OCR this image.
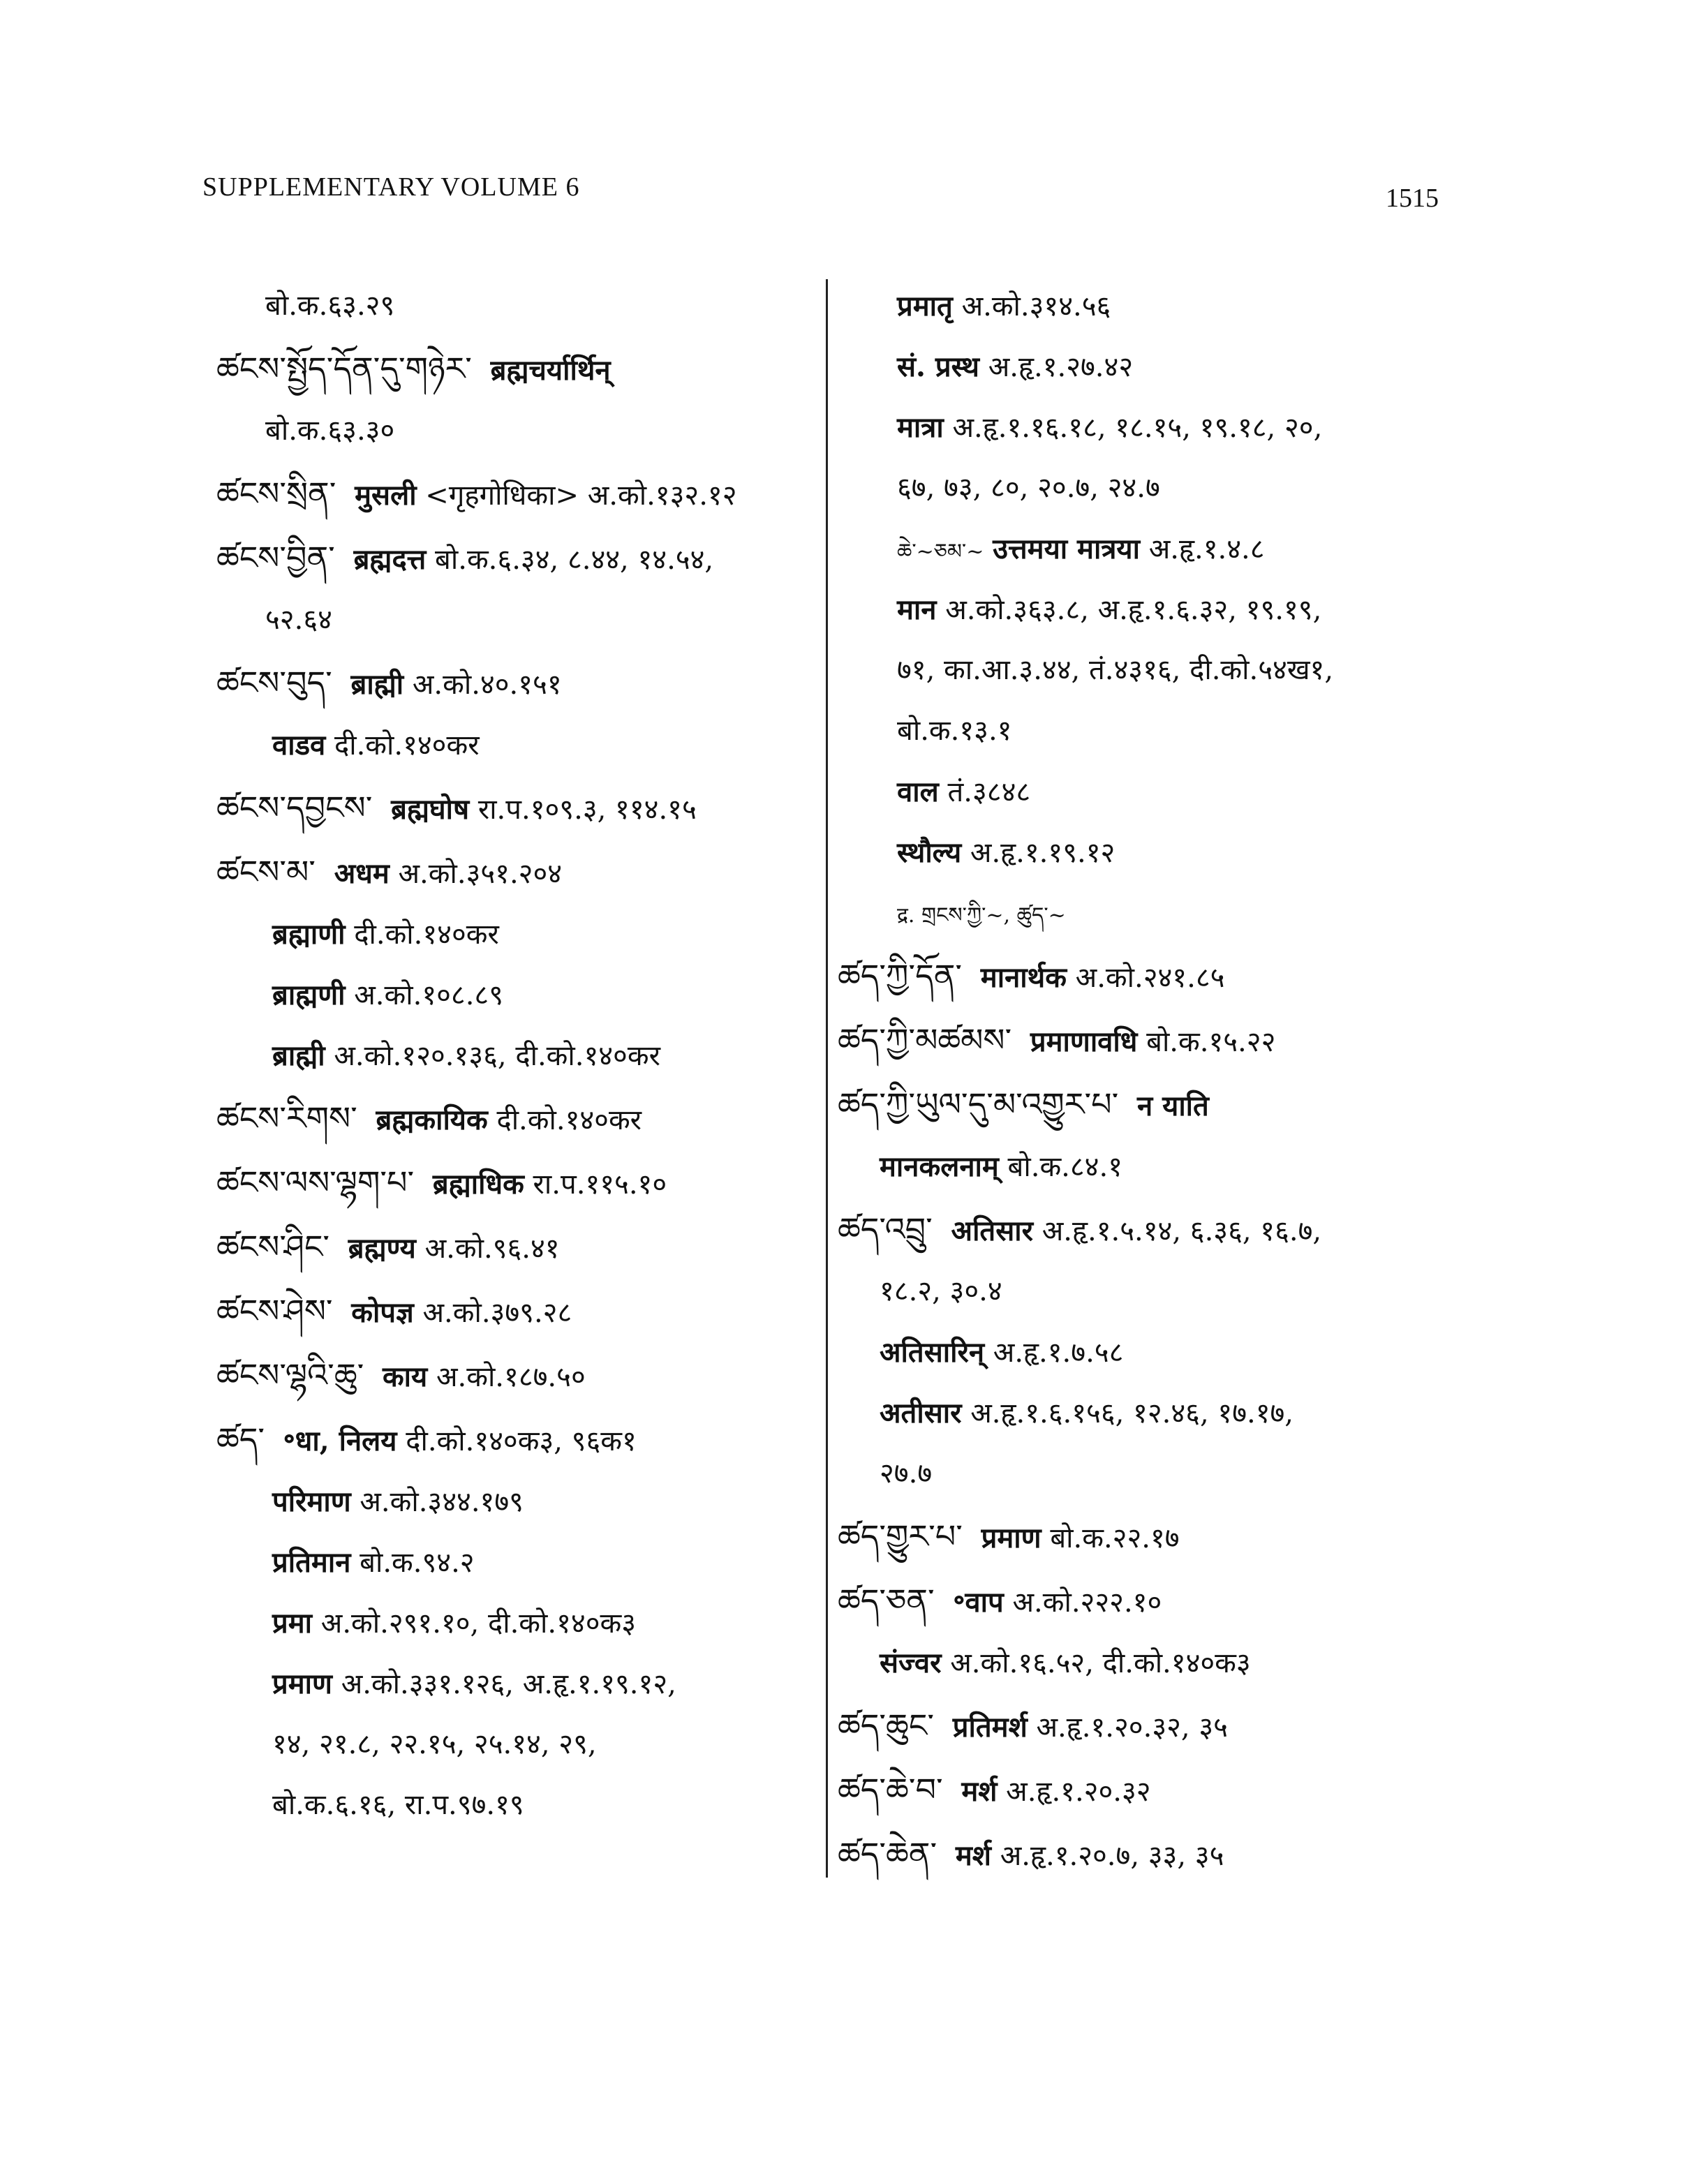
SUPPLEMENTARY VOLUME 6	1515
बो.क.६३.२९
ཚངས་སྤྱོད་དོན་དུ་གཉེར་ ब्रह्मचर्यार्थिन्
बो.क.६३.३०
ཚངས་སྲིན་ मुसली <गृहगोधिका> अ.को.१३२.१२
ཚངས་བྱིན་ ब्रह्मदत्त बो.क.६.३४, ८.४४, १४.५४,
५२.६४
ཚངས་བུད་ ब्राह्मी अ.को.४०.१५१
वाडव दी.को.१४०कर
ཚངས་དབྱངས་ ब्रह्मघोष रा.प.१०९.३, ११४.१५
ཚངས་མ་ अधम अ.को.३५१.२०४
ब्रह्माणी दी.को.१४०कर
ब्राह्मणी अ.को.१०८.८९
ब्राह्मी अ.को.१२०.१३६, दी.को.१४०कर
ཚངས་རིགས་ ब्रह्मकायिक दी.को.१४०कर
ཚངས་ལས་ལྷག་པ་ ब्रह्माधिक रा.प.११५.१०
ཚངས་ཤིང་ ब्रह्मण्य अ.को.९६.४१
ཚངས་ཤེས་ कोपज्ञ अ.को.३७९.२८
ཚངས་ལྷའི་ཆུ་ काय अ.को.१८७.५०
ཚད་ ॰धा, निलय दी.को.१४०क३, ९६क१
परिमाण अ.को.३४४.१७९
प्रतिमान बो.क.९४.२
प्रमा अ.को.२९१.१०, दी.को.१४०क३
प्रमाण अ.को.३३१.१२६, अ.हृ.१.१९.१२,
१४, २१.८, २२.१५, २५.१४, २९,
बो.क.६.१६, रा.प.९७.१९
प्रमातृ अ.को.३१४.५६
सं. प्रस्थ अ.हृ.१.२७.४२
मात्रा अ.हृ.१.१६.१८, १८.१५, १९.१८, २०,
६७, ७३, ८०, २०.७, २४.७
ཆེ་~ཅམ་~ उत्तमया मात्रया अ.हृ.१.४.८
मान अ.को.३६३.८, अ.हृ.१.६.३२, १९.१९,
७१, का.आ.३.४४, तं.४३१६, दी.को.५४ख१,
बो.क.१३.१
वाल तं.३८४८
स्थौल्य अ.हृ.१.१९.१२
द्र. གྲངས་ཀྱི་~, ཚུད་~
ཚད་ཀྱི་དོན་ मानार्थक अ.को.२४१.८५
ཚད་ཀྱི་མཚམས་ प्रमाणावधि बो.क.१५.२२
ཚད་ཀྱི་ཡུལ་དུ་མ་འགྱུར་པ་ न याति
मानकलनाम् बो.क.८४.१
ཚད་འབྲུ་ अतिसार अ.हृ.१.५.१४, ६.३६, १६.७,
१८.२, ३०.४
अतिसारिन् अ.हृ.१.७.५८
अतीसार अ.हृ.१.६.१५६, १२.४६, १७.१७,
२७.७
ཚད་གྱུར་པ་ प्रमाण बो.क.२२.१७
ཚད་ཅན་ ॰वाप अ.को.२२२.१०
संज्वर अ.को.१६.५२, दी.को.१४०क३
ཚད་ཆུང་ प्रतिमर्श अ.हृ.१.२०.३२, ३५
ཚད་ཆེ་བ་ मर्श अ.हृ.१.२०.३२
ཚད་ཆེན་ मर्श अ.हृ.१.२०.७, ३३, ३५
